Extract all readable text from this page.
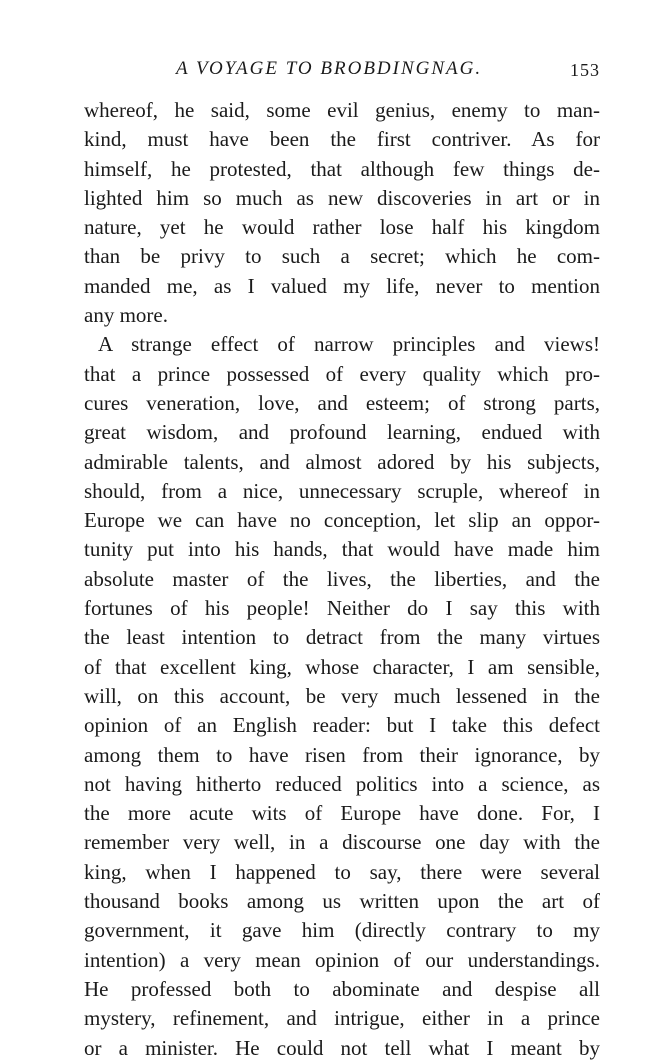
A VOYAGE TO BROBDINGNAG.	153
whereof, he said, some evil genius, enemy to man-
kind, must have been the first contriver. As for
himself, he protested, that although few things de-
lighted him so much as new discoveries in art or in
nature, yet he would rather lose half his kingdom
than be privy to such a secret; which he com-
manded me, as I valued my life, never to mention
any more.
A strange effect of narrow principles and views!
that a prince possessed of every quality which pro-
cures veneration, love, and esteem; of strong parts,
great wisdom, and profound learning, endued with
admirable talents, and almost adored by his subjects,
should, from a nice, unnecessary scruple, whereof in
Europe we can have no conception, let slip an oppor-
tunity put into his hands, that would have made him
absolute master of the lives, the liberties, and the
fortunes of his people! Neither do I say this with
the least intention to detract from the many virtues
of that excellent king, whose character, I am sensible,
will, on this account, be very much lessened in the
opinion of an English reader: but I take this defect
among them to have risen from their ignorance, by
not having hitherto reduced politics into a science, as
the more acute wits of Europe have done. For, I
remember very well, in a discourse one day with the
king, when I happened to say, there were several
thousand books among us written upon the art of
government, it gave him (directly contrary to my
intention) a very mean opinion of our understandings.
He professed both to abominate and despise all
mystery, refinement, and intrigue, either in a prince
or a minister. He could not tell what I meant by
